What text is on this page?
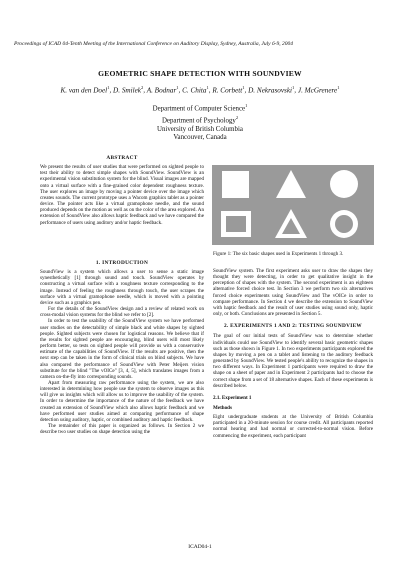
Proceedings of ICAD 04-Tenth Meeting of the International Conference on Auditory Display, Sydney, Australia, July 6-9, 2004
GEOMETRIC SHAPE DETECTION WITH SOUNDVIEW
K. van den Doel$^1$, D. Smilek$^2$, A. Bodnar$^1$, C. Chita$^1$, R. Corbett$^1$, D. Nekrasovski$^1$, J. McGrenere$^1$
Department of Computer Science$^1$
Department of Psychology$^2$
University of British Columbia
Vancouver, Canada

ABSTRACT

We present the results of user studies that were performed on sighted people to test their ability to detect simple shapes with SoundView. SoundView is an experimental vision substitution system for the blind. Visual images are mapped onto a virtual surface with a fine-grained color dependent roughness texture. The user explores an image by moving a pointer device over the image which creates sounds. The current prototype uses a Wacom graphics tablet as a pointer device. The pointer acts like a virtual gramophone needle, and the sound produced depends on the motion as well as on the color of the area explored. An extension of SoundView also allows haptic feedback and we have compared the performance of users using auditory and/or haptic feedback.

1. INTRODUCTION

SoundView is a system which allows a user to sense a static image synesthetically [1] through sound and touch. SoundView operates by constructing a virtual surface with a roughness texture corresponding to the image. Instead of feeling the roughness through touch, the user scrapes the surface with a virtual gramophone needle, which is moved with a pointing device such as a graphics pen.

For the details of the SoundView design and a review of related work on cross-modal vision systems for the blind we refer to [2].

In order to test the usability of the SoundView system we have performed user studies on the detectability of simple black and white shapes by sighted people. Sighted subjects were chosen for logistical reasons. We believe that if the results for sighted people are encouraging, blind users will most likely perform better, so tests on sighted people will provide us with a conservative estimate of the capabilities of SoundView. If the results are positive, then the next step can be taken in the form of clinical trials on blind subjects. We have also compared the performance of SoundView with Peter Meijers vision substitute for the blind "The vOICe" [3, 4, 5], which translates images from a camera on-the-fly into corresponding sounds.

Apart from measuring raw performance using the system, we are also interested in determining how people use the system to observe images as this will give us insights which will allow us to improve the usability of the system. In order to determine the importance of the nature of the feedback we have created an extension of SoundView which also allows haptic feedback and we have performed user studies aimed at comparing performance of shape detection using auditory, haptic, or combined auditory and haptic feedback.

The remainder of this paper is organized as follows. In Section 2 we describe two user studies on shape detection using the

Figure 1: The six basic shapes used in Experiments 1 through 3.

SoundView system. The first experiment asks user to draw the shapes they thought they were detecting, in order to get qualitative insight in the perception of shapes with the system. The second experiment is an eighteen alternative forced choice test. In Section 3 we perform two six alternatives forced choice experiments using SoundView and The vOICe in order to compare performance. In Section 4 we describe the extension to SoundView with haptic feedback and the result of user studies using sound only, haptic only, or both. Conclusions are presented in Section 5.

2. EXPERIMENTS 1 AND 2: TESTING SOUNDVIEW

The goal of our initial tests of SoundView was to determine whether individuals could use SoundView to identify several basic geometric shapes such as those shown in Figure 1. In two experiments participants explored the shapes by moving a pen on a tablet and listening to the auditory feedback generated by SoundView. We tested people's ability to recognize the shapes in two different ways. In Experiment 1 participants were required to draw the shape on a sheet of paper and in Experiment 2 participants had to choose the correct shape from a set of 18 alternative shapes. Each of these experiments is described below.

2.1. Experiment 1

Methods

Eight undergraduate students at the University of British Columbia participated in a 20-minute session for course credit. All participants reported normal hearing and had normal or corrected-to-normal vision. Before commencing the experiment, each participant

ICAD04-1
